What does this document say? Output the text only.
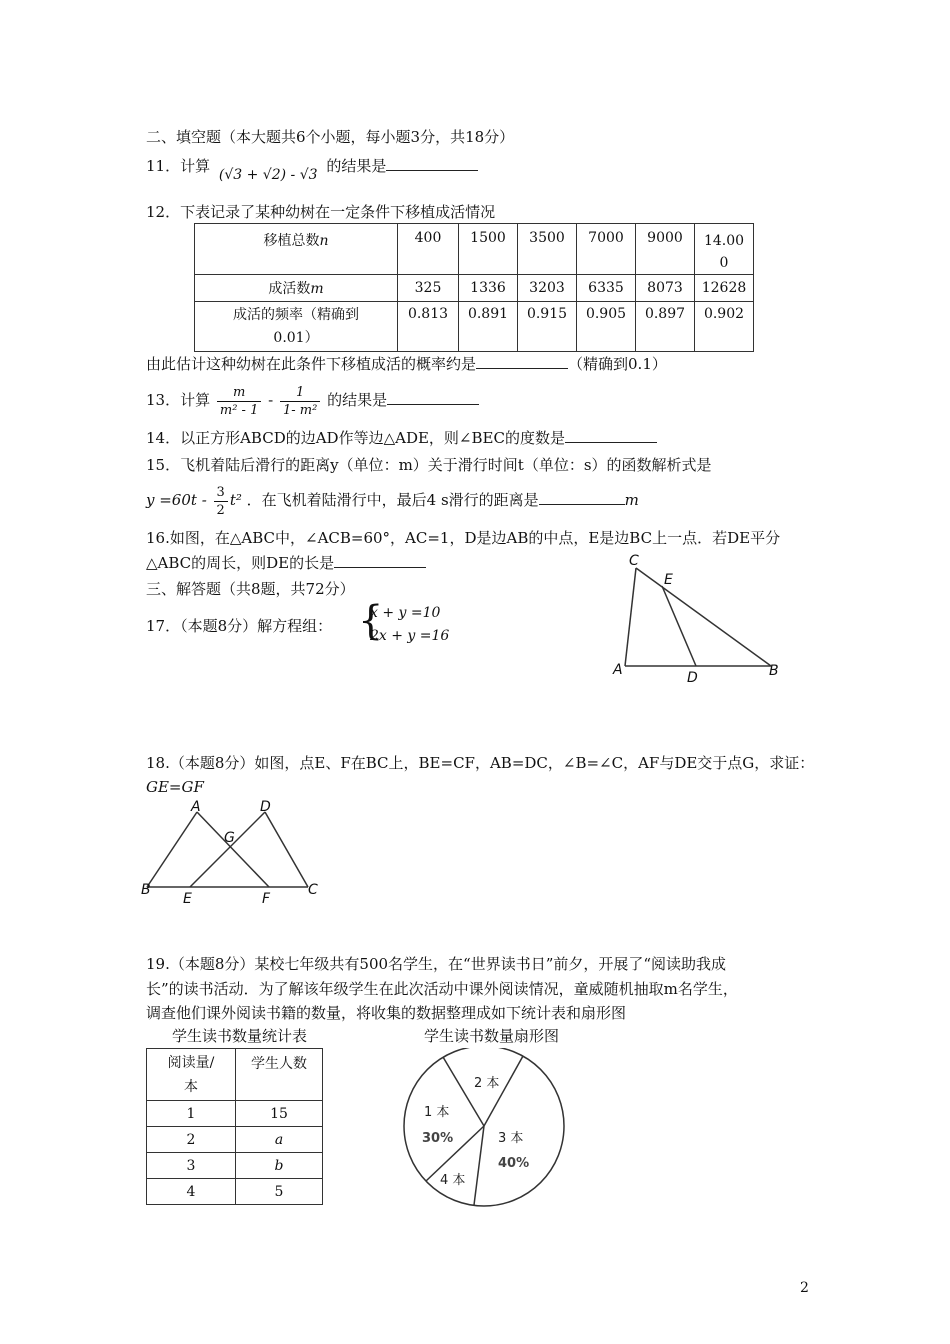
二、填空题（本大题共6个小题，每小题3分，共18分）
11．计算 (√3 + √2) - √3 的结果是
12．下表记录了某种幼树在一定条件下移植成活情况
移植总数n	400	1500	3500	7000	9000	14.00
0

成活数m	325	1336	3203	6335	8073	12628

成活的频率（精确到
0.01）	0.813	0.891	0.915	0.905	0.897	0.902
由此估计这种幼树在此条件下移植成活的概率约是	（精确到0.1）
13．计算 $\frac{m}{\text{m² - 1}} - \frac{1}{\text{1- m²}}$ 的结果是
14．以正方形ABCD的边AD作等边△ADE，则∠BEC的度数是
15．飞机着陆后滑行的距离y（单位：m）关于滑行时间t（单位：s）的函数解析式是
$y =60t - \frac{3}{2} t^2$ ．在飞机着陆滑行中，最后4 s滑行的距离是	m
16.如图，在△ABC中，∠ACB=60°，AC=1，D是边AB的中点，E是边BC上一点．若DE平分
△ABC的周长，则DE的长是	C
E
A	D	B
三、解答题（共8题，共72分）
17．（本题8分）解方程组： {
x + y =10
2x + y =16
18.（本题8分）如图，点E、F在BC上，BE=CF，AB=DC，∠B=∠C，AF与DE交于点G，求证：
GE=GF
A	D
G
B
E	F
C
19.（本题8分）某校七年级共有500名学生，在“世界读书日”前夕，开展了“阅读助我成
长”的读书活动．为了解该年级学生在此次活动中课外阅读情况，童威随机抽取m名学生，
调查他们课外阅读书籍的数量，将收集的数据整理成如下统计表和扇形图
学生读书数量统计表
阅读量/
本	学生人数
1	15
2	a
3	b
4	5
学生读书数量扇形图
1 本
30%
2 本
3 本
40%
4 本
2
